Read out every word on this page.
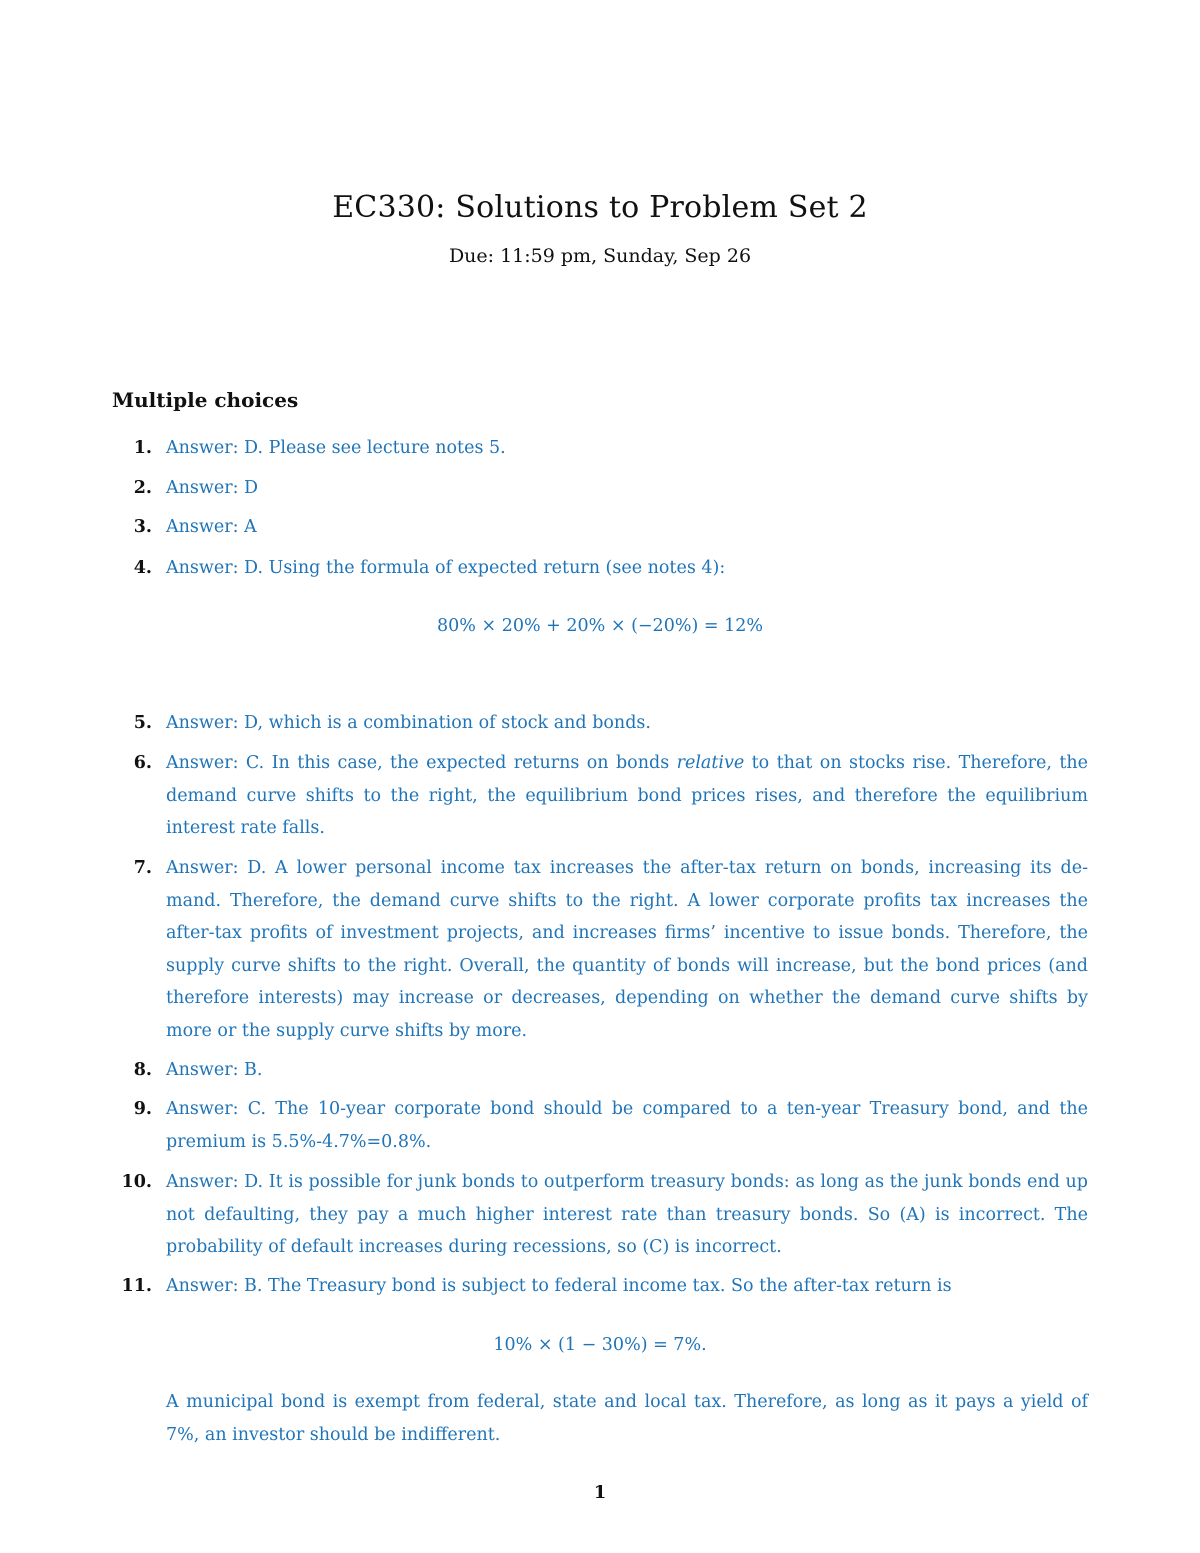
EC330: Solutions to Problem Set 2
Due: 11:59 pm, Sunday, Sep 26
Multiple choices
1. Answer: D. Please see lecture notes 5.
2. Answer: D
3. Answer: A
4. Answer: D. Using the formula of expected return (see notes 4):
80% × 20% + 20% × (−20%) = 12%
5. Answer: D, which is a combination of stock and bonds.
6. Answer: C. In this case, the expected returns on bonds relative to that on stocks rise. Therefore, the demand curve shifts to the right, the equilibrium bond prices rises, and therefore the equilibrium interest rate falls.
7. Answer: D. A lower personal income tax increases the after-tax return on bonds, increasing its demand. Therefore, the demand curve shifts to the right. A lower corporate profits tax increases the after-tax profits of investment projects, and increases firms’ incentive to issue bonds. Therefore, the supply curve shifts to the right. Overall, the quantity of bonds will increase, but the bond prices (and therefore interests) may increase or decreases, depending on whether the demand curve shifts by more or the supply curve shifts by more.
8. Answer: B.
9. Answer: C. The 10-year corporate bond should be compared to a ten-year Treasury bond, and the premium is 5.5%-4.7%=0.8%.
10. Answer: D. It is possible for junk bonds to outperform treasury bonds: as long as the junk bonds end up not defaulting, they pay a much higher interest rate than treasury bonds. So (A) is incorrect. The probability of default increases during recessions, so (C) is incorrect.
11. Answer: B. The Treasury bond is subject to federal income tax. So the after-tax return is
10% × (1 − 30%) = 7%.
A municipal bond is exempt from federal, state and local tax. Therefore, as long as it pays a yield of 7%, an investor should be indifferent.
1
